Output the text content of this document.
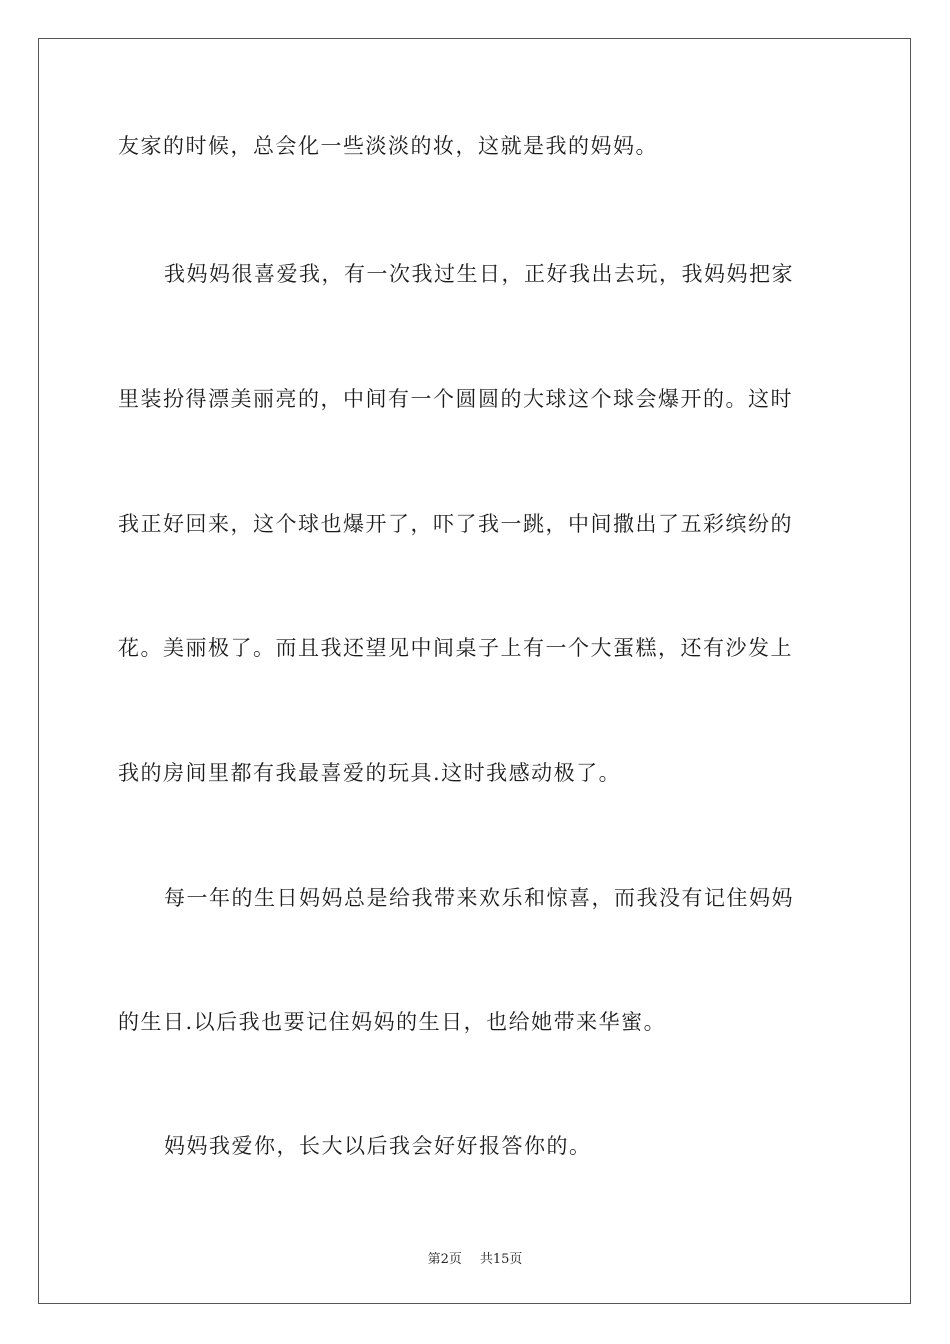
友家的时候，总会化一些淡淡的妆，这就是我的妈妈。

我妈妈很喜爱我，有一次我过生日，正好我出去玩，我妈妈把家

里装扮得漂美丽亮的，中间有一个圆圆的大球这个球会爆开的。这时

我正好回来，这个球也爆开了，吓了我一跳，中间撒出了五彩缤纷的

花。美丽极了。而且我还望见中间桌子上有一个大蛋糕，还有沙发上

我的房间里都有我最喜爱的玩具.这时我感动极了。

每一年的生日妈妈总是给我带来欢乐和惊喜，而我没有记住妈妈

的生日.以后我也要记住妈妈的生日，也给她带来华蜜。

妈妈我爱你，长大以后我会好好报答你的。

第2页 共15页
